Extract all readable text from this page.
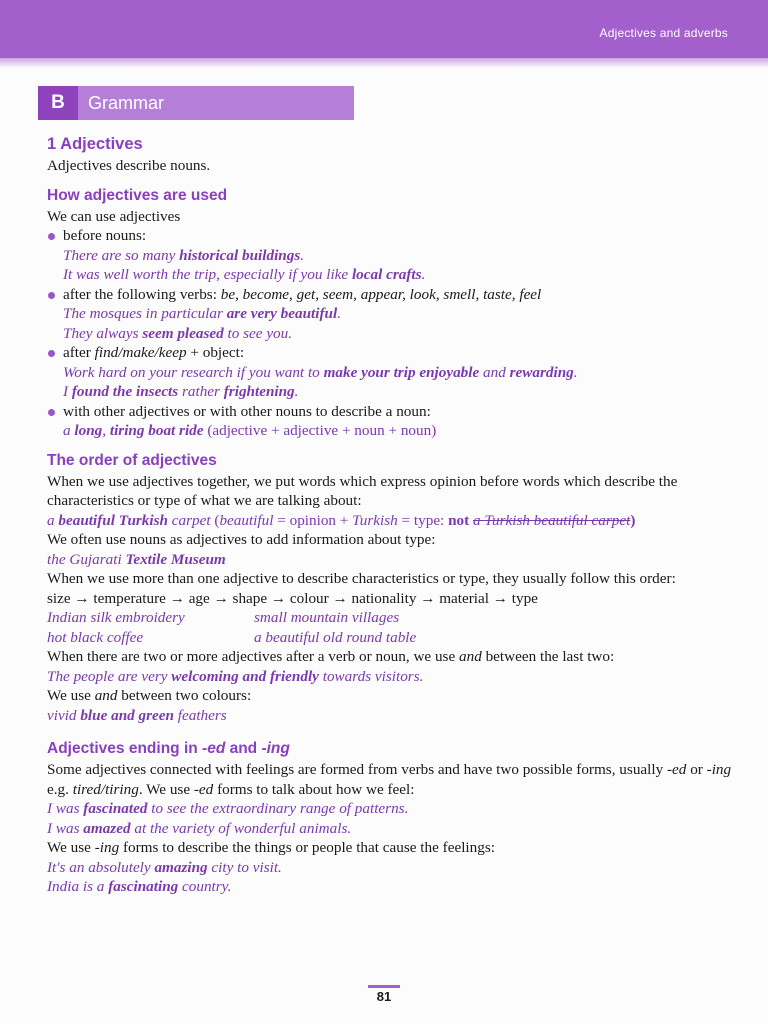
Adjectives and adverbs
B	Grammar
1 Adjectives

Adjectives describe nouns.

How adjectives are used

We can use adjectives

before nouns:

There are so many historical buildings.

It was well worth the trip, especially if you like local crafts.

after the following verbs: be, become, get, seem, appear, look, smell, taste, feel

The mosques in particular are very beautiful.

They always seem pleased to see you.

after find/make/keep + object:

Work hard on your research if you want to make your trip enjoyable and rewarding.

I found the insects rather frightening.

with other adjectives or with other nouns to describe a noun:

a long, tiring boat ride (adjective + adjective + noun + noun)

The order of adjectives

When we use adjectives together, we put words which express opinion before words which describe the characteristics or type of what we are talking about:

a beautiful Turkish carpet (beautiful = opinion + Turkish = type: not a Turkish beautiful carpet)

We often use nouns as adjectives to add information about type:

the Gujarati Textile Museum

When we use more than one adjective to describe characteristics or type, they usually follow this order:

size → temperature → age → shape → colour → nationality → material → type

Indian silk embroidery	small mountain villages
hot black coffee	a beautiful old round table

When there are two or more adjectives after a verb or noun, we use and between the last two:

The people are very welcoming and friendly towards visitors.

We use and between two colours:

vivid blue and green feathers

Adjectives ending in -ed and -ing

Some adjectives connected with feelings are formed from verbs and have two possible forms, usually -ed or -ing e.g. tired/tiring. We use -ed forms to talk about how we feel:

I was fascinated to see the extraordinary range of patterns.

I was amazed at the variety of wonderful animals.

We use -ing forms to describe the things or people that cause the feelings:

It's an absolutely amazing city to visit.

India is a fascinating country.

81
